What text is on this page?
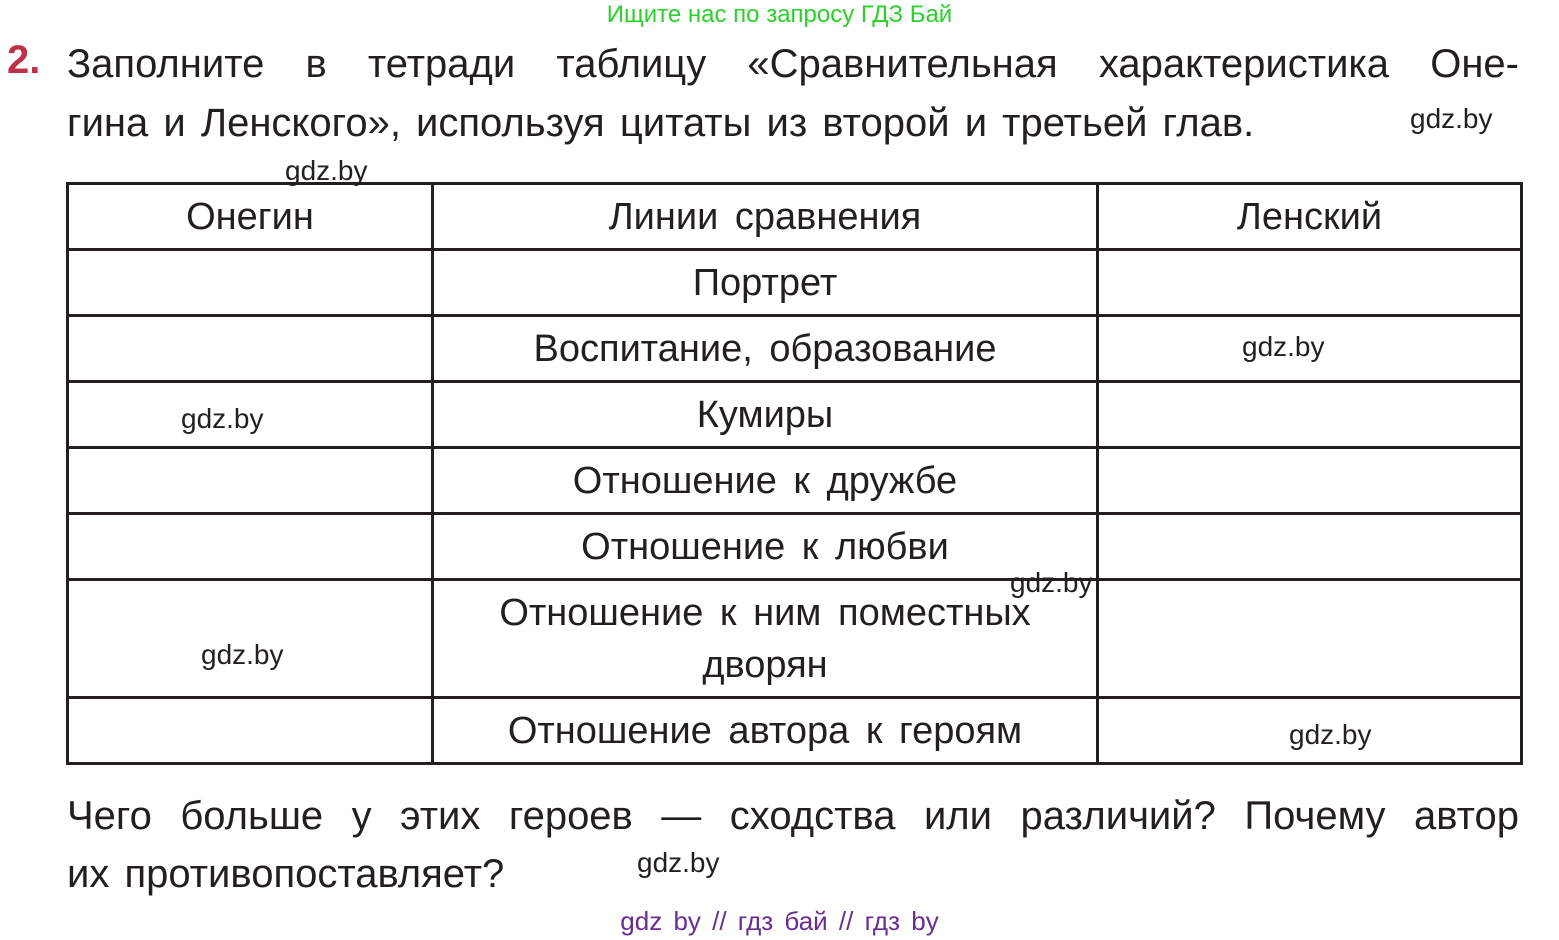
Ищите нас по запросу ГДЗ Бай
2. Заполните в тетради таблицу «Сравнительная характеристика Оне-
гина и Ленского», используя цитаты из второй и третьей глав.
Онегин	Линии сравнения	Ленский
	Портрет	
	Воспитание, образование	
	Кумиры	
	Отношение к дружбе	
	Отношение к любви	
	Отношение к ним поместных дворян	
	Отношение автора к героям	
Чего больше у этих героев — сходства или различий? Почему автор
их противопоставляет?
gdz.by
gdz.by
gdz.by
gdz.by
gdz.by
gdz.by
gdz.by
gdz.by
gdz by // гдз бай // гдз by
